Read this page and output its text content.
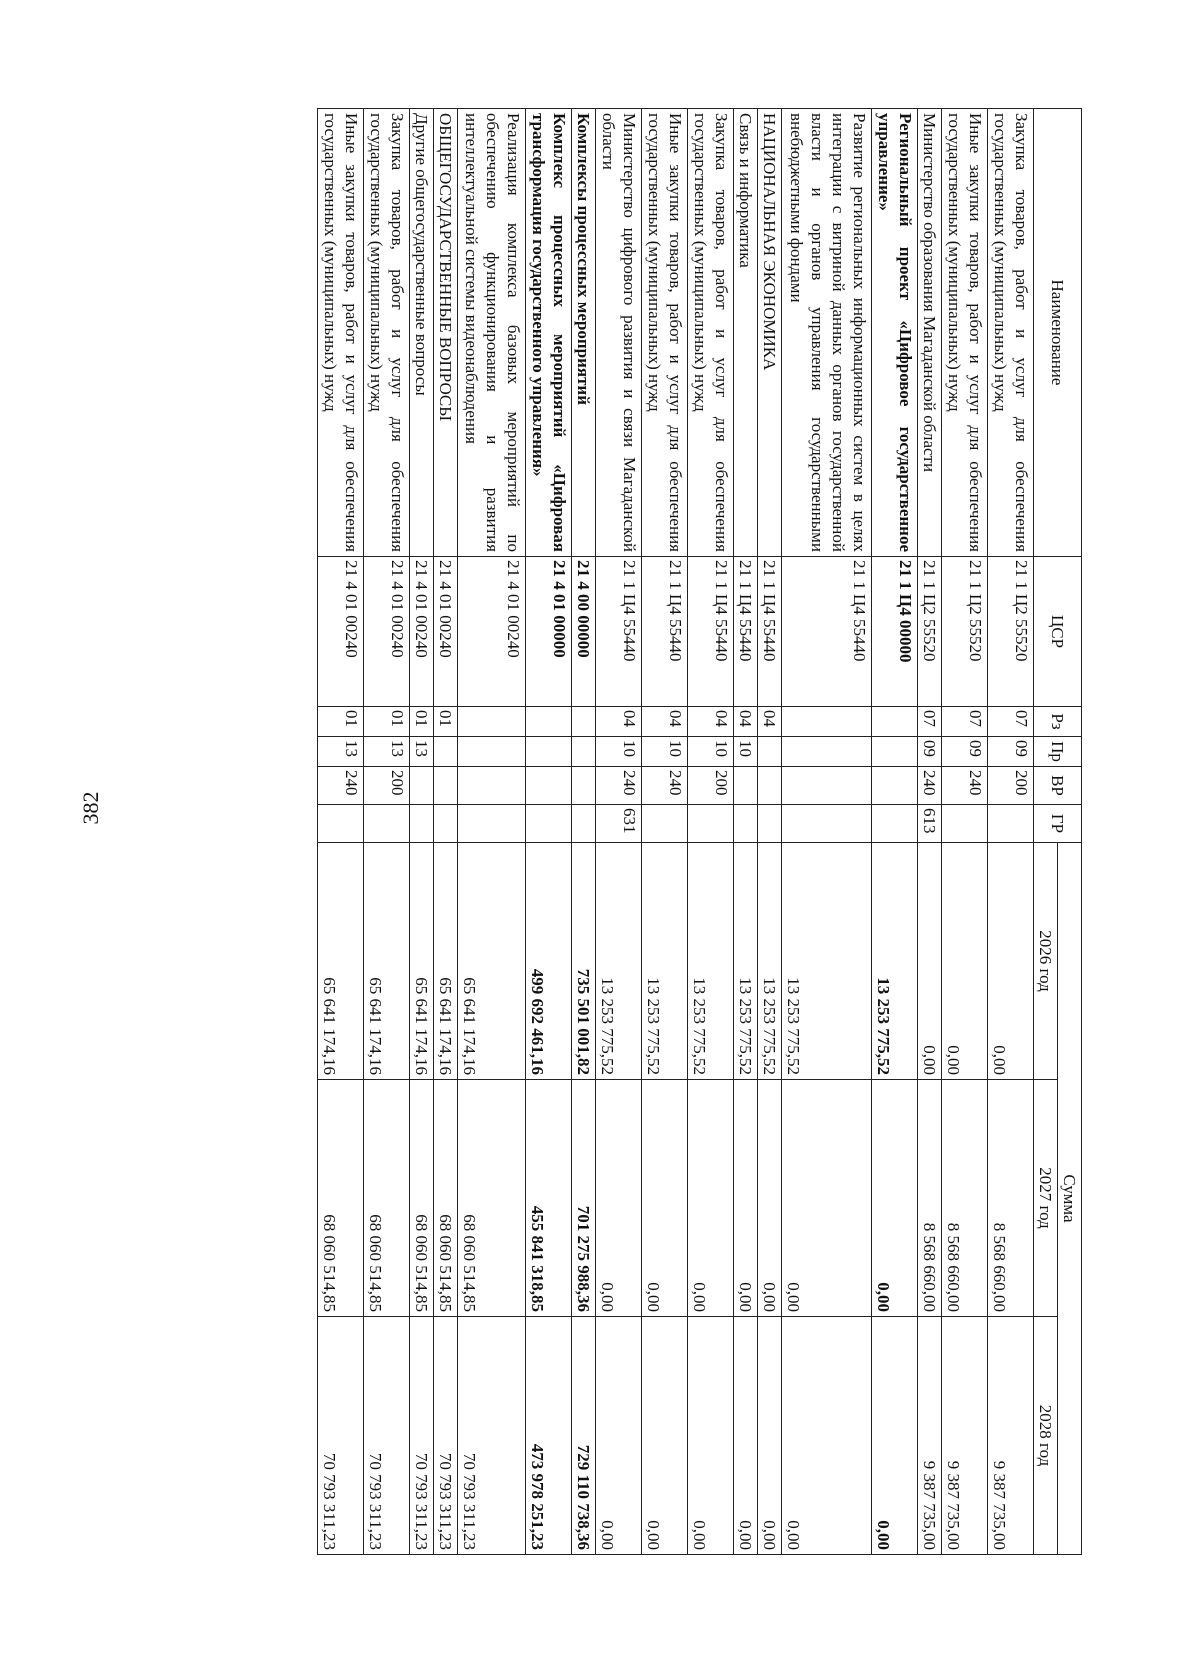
382
Наименование	ЦСР	Рз	Пр	ВР	ГР	Сумма		
						2026 год	2027 год	2028 год
Закупка товаров, работ и услуг для обеспечения государственных (муниципальных) нужд	21 1 Ц2 55520	07	09	200		0,00	8 568 660,00	9 387 735,00
Иные закупки товаров, работ и услуг для обеспечения государственных (муниципальных) нужд	21 1 Ц2 55520	07	09	240		0,00	8 568 660,00	9 387 735,00
Министерство образования Магаданской области	21 1 Ц2 55520	07	09	240	613	0,00	8 568 660,00	9 387 735,00
Региональный проект «Цифровое государственное управление»	21 1 Ц4 00000					13 253 775,52	0,00	0,00
Развитие региональных информационных систем в целях интеграции с витриной данных органов государственной власти и органов управления государственными внебюджетными фондами	21 1 Ц4 55440					13 253 775,52	0,00	0,00
НАЦИОНАЛЬНАЯ ЭКОНОМИКА	21 1 Ц4 55440	04				13 253 775,52	0,00	0,00
Связь и информатика	21 1 Ц4 55440	04	10			13 253 775,52	0,00	0,00
Закупка товаров, работ и услуг для обеспечения государственных (муниципальных) нужд	21 1 Ц4 55440	04	10	200		13 253 775,52	0,00	0,00
Иные закупки товаров, работ и услуг для обеспечения государственных (муниципальных) нужд	21 1 Ц4 55440	04	10	240		13 253 775,52	0,00	0,00
Министерство цифрового развития и связи Магаданской области	21 1 Ц4 55440	04	10	240	631	13 253 775,52	0,00	0,00
Комплексы процессных мероприятий	21 4 00 00000					735 501 001,82	701 275 988,36	729 110 738,36
Комплекс процессных мероприятий «Цифровая трансформация государственного управления»	21 4 01 00000					499 692 461,16	455 841 318,85	473 978 251,23
Реализация комплекса базовых мероприятий по обеспечению функционирования и развития интеллектуальной системы видеонаблюдения	21 4 01 00240					65 641 174,16	68 060 514,85	70 793 311,23
ОБЩЕГОСУДАРСТВЕННЫЕ ВОПРОСЫ	21 4 01 00240	01				65 641 174,16	68 060 514,85	70 793 311,23
Другие общегосударственные вопросы	21 4 01 00240	01	13			65 641 174,16	68 060 514,85	70 793 311,23
Закупка товаров, работ и услуг для обеспечения государственных (муниципальных) нужд	21 4 01 00240	01	13	200		65 641 174,16	68 060 514,85	70 793 311,23
Иные закупки товаров, работ и услуг для обеспечения государственных (муниципальных) нужд	21 4 01 00240	01	13	240		65 641 174,16	68 060 514,85	70 793 311,23
